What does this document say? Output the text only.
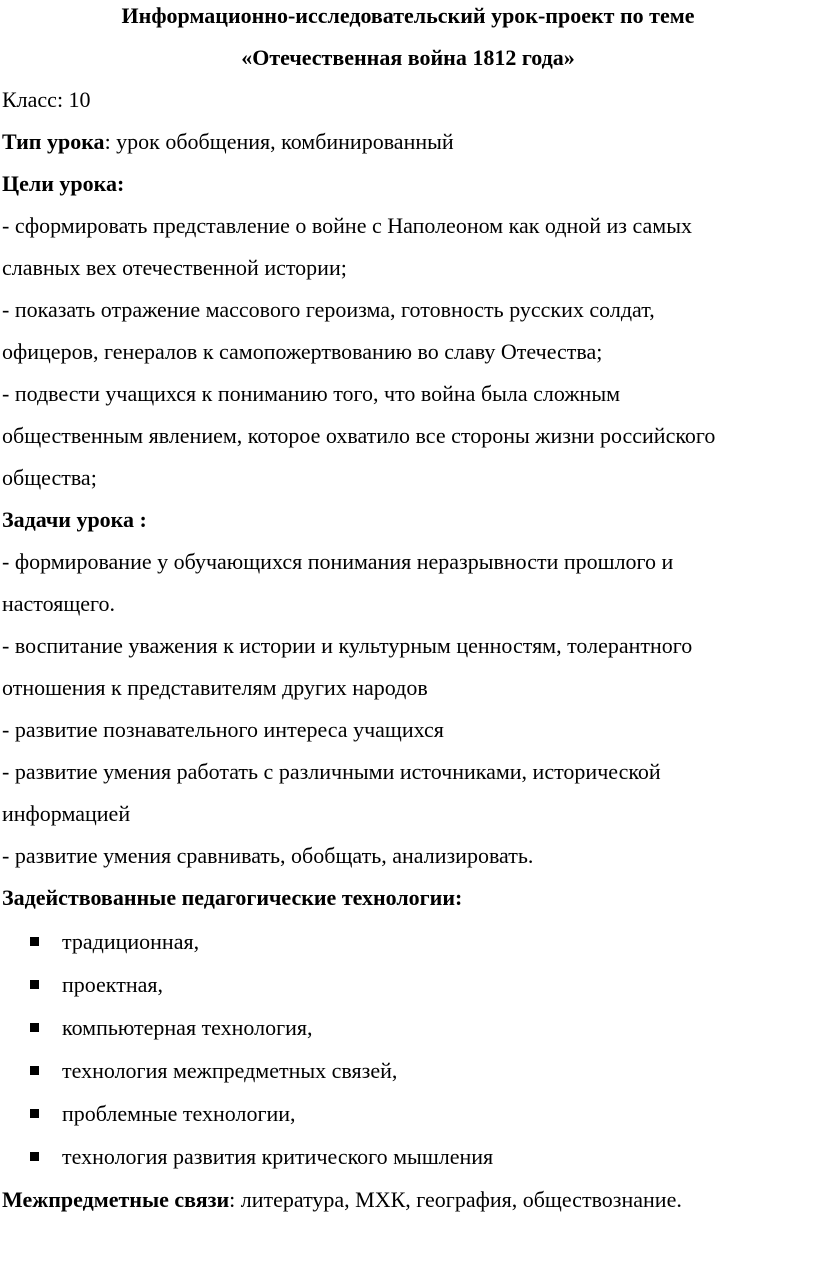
Информационно-исследовательский урок-проект по теме
«Отечественная война 1812 года»
Класс: 10
Тип урока: урок обобщения, комбинированный
Цели урока:
- сформировать представление о войне с Наполеоном как одной из самых
славных вех отечественной истории;
- показать отражение массового героизма, готовность русских солдат,
офицеров, генералов к самопожертвованию во славу Отечества;
- подвести учащихся к пониманию того, что война была сложным
общественным явлением, которое охватило все стороны жизни российского
общества;
Задачи урока :
- формирование у обучающихся понимания неразрывности прошлого и
настоящего.
- воспитание уважения к истории и культурным ценностям, толерантного
отношения к представителям других народов
- развитие познавательного интереса учащихся
- развитие умения работать с различными источниками, исторической
информацией
- развитие умения сравнивать, обобщать, анализировать.
Задействованные педагогические технологии:
традиционная,
проектная,
компьютерная технология,
технология межпредметных связей,
проблемные технологии,
технология развития критического мышления
Межпредметные связи: литература, МХК, география, обществознание.
